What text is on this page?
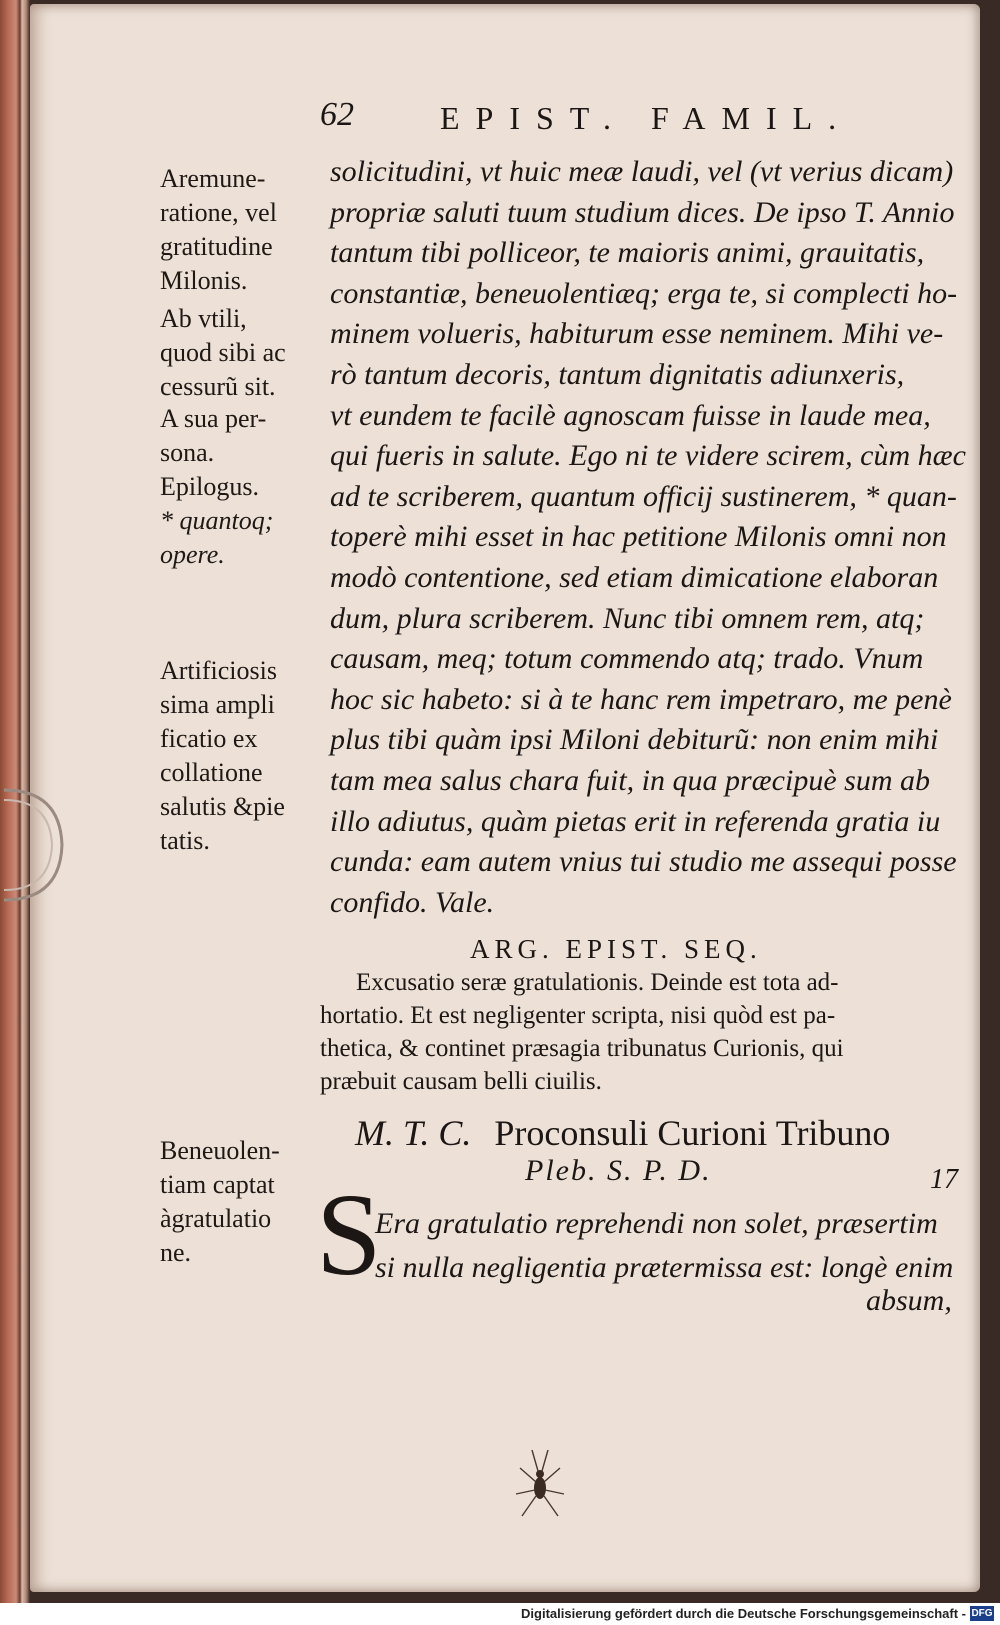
62	EPIST. FAMIL.
Aremune-
ratione, vel
gratitudine
Milonis.
Ab vtili,
quod sibi ac
cessurũ sit.
A sua per-
sona.
Epilogus.
* quantoq;
opere.
Artificiosis
sima ampli
ficatio ex
collatione
salutis &pie
tatis.
Beneuolen-
tiam captat
àgratulatio
ne.
solicitudini, vt huic meæ laudi, vel (vt verius dicam)
propriæ saluti tuum studium dices. De ipso T. Annio
tantum tibi polliceor, te maioris animi, grauitatis,
constantiæ, beneuolentiæq; erga te, si complecti ho-
minem volueris, habiturum esse neminem. Mihi ve-
rò tantum decoris, tantum dignitatis adiunxeris,
vt eundem te facilè agnoscam fuisse in laude mea,
qui fueris in salute. Ego ni te videre scirem, cùm hæc
ad te scriberem, quantum officij sustinerem, * quan-
toperè mihi esset in hac petitione Milonis omni non
modò contentione, sed etiam dimicatione elaboran
dum, plura scriberem. Nunc tibi omnem rem, atq;
causam, meq; totum commendo atq; trado. Vnum
hoc sic habeto: si à te hanc rem impetraro, me penè
plus tibi quàm ipsi Miloni debiturũ: non enim mihi
tam mea salus chara fuit, in qua præcipuè sum ab
illo adiutus, quàm pietas erit in referenda gratia iu
cunda: eam autem vnius tui studio me assequi posse
confido. Vale.
ARG. EPIST. SEQ.
Excusatio seræ gratulationis. Deinde est tota ad-
hortatio. Et est negligenter scripta, nisi quòd est pa-
thetica, & continet præsagia tribunatus Curionis, qui
præbuit causam belli ciuilis.
M. T. C. Proconsuli Curioni Tribuno
Pleb. S. P. D.	17
S
Era gratulatio reprehendi non solet, præsertim
si nulla negligentia prætermissa est: longè enim
absum,
Digitalisierung gefördert durch die Deutsche Forschungsgemeinschaft - DFG
